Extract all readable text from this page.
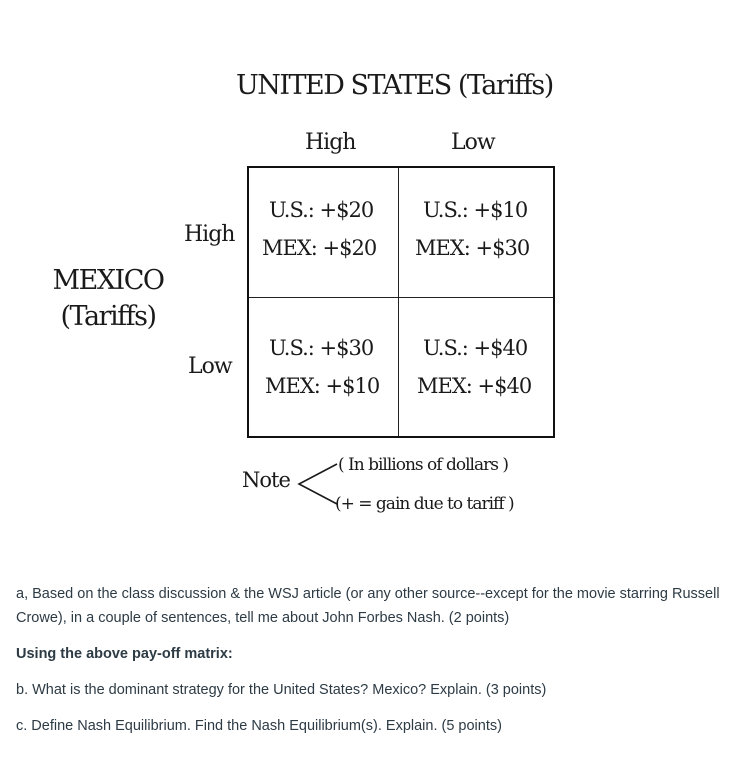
UNITED STATES (Tariffs)
High	Low
MEXICO
(Tariffs)
High
Low
U.S.: +$20
MEX: +$20
U.S.: +$10
MEX: +$30
U.S.: +$30
MEX: +$10
U.S.: +$40
MEX: +$40
Note
( In billions of dollars )
(+ = gain due to tariff )

a, Based on the class discussion & the WSJ article (or any other source--except for the movie starring Russell Crowe), in a couple of sentences, tell me about John Forbes Nash. (2 points)

Using the above pay-off matrix:

b. What is the dominant strategy for the United States? Mexico? Explain. (3 points)

c. Define Nash Equilibrium. Find the Nash Equilibrium(s). Explain. (5 points)
